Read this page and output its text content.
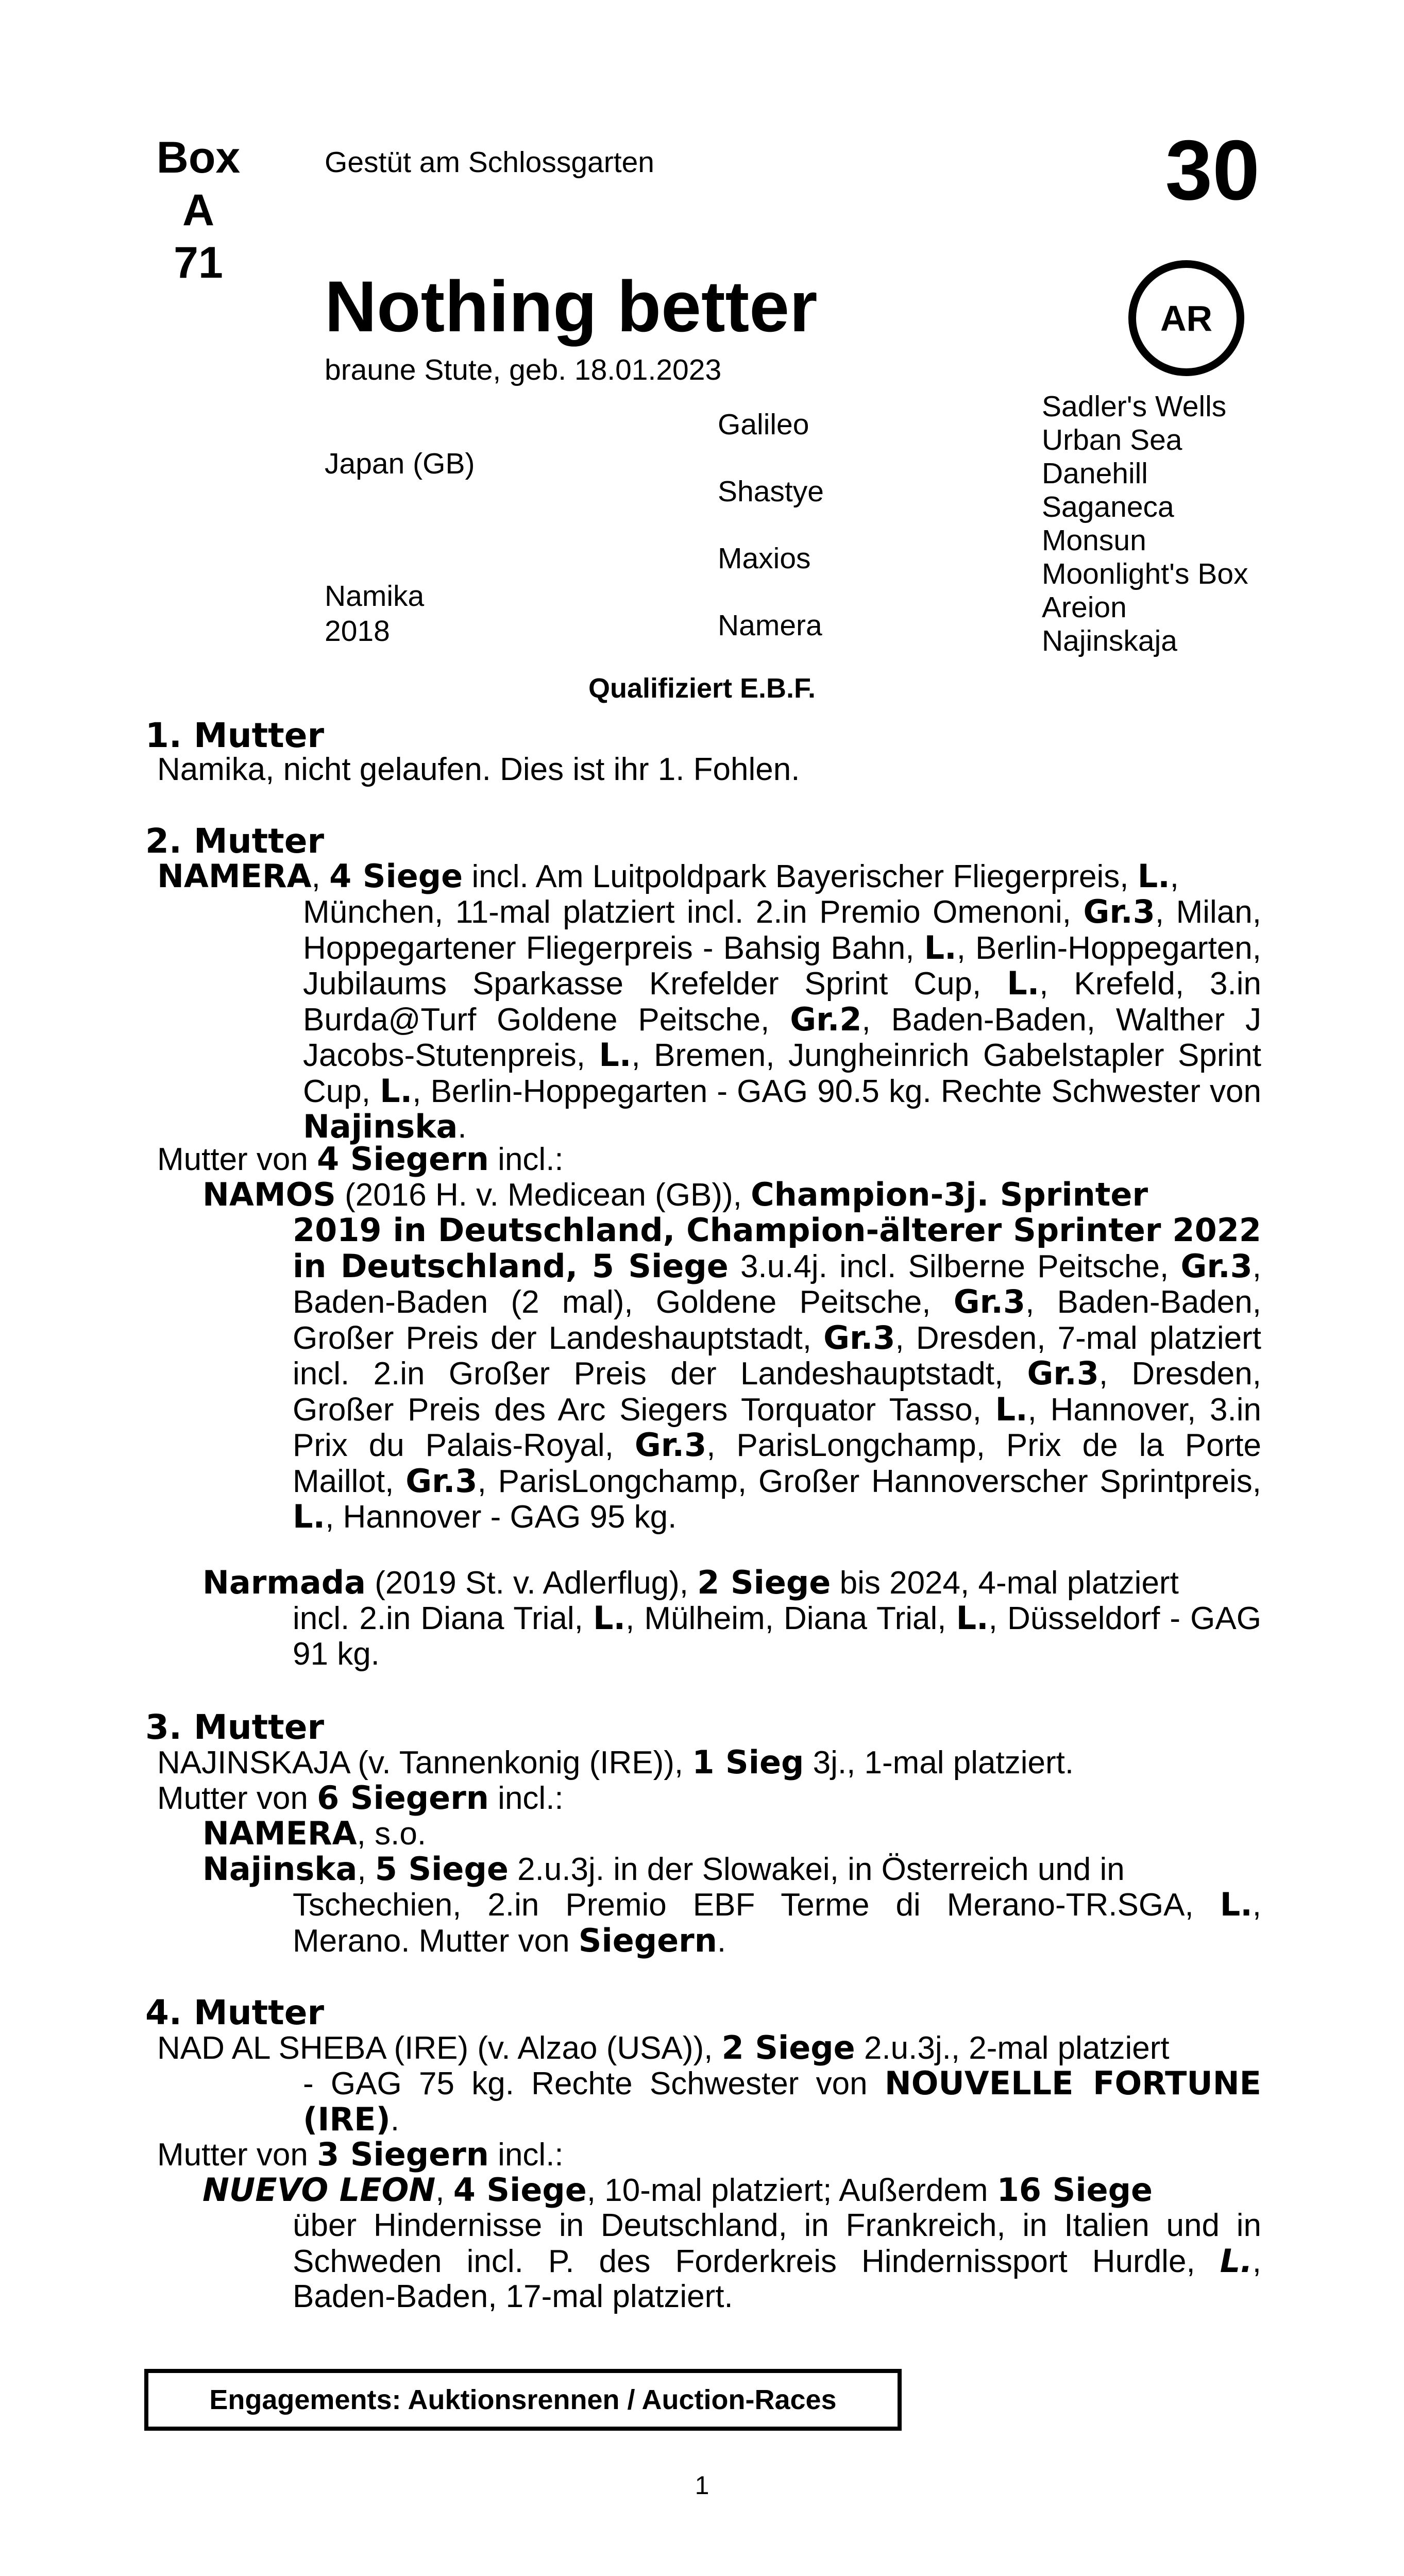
Box
A 71
Gestüt am Schlossgarten	30
AR
Nothing better
braune Stute, geb. 18.01.2023
Japan (GB)
Namika
2018
Galileo
Shastye
Maxios
Namera
Sadler's Wells
Urban Sea
Danehill
Saganeca
Monsun
Moonlight's Box
Areion
Najinskaja
Qualifiziert E.B.F.
1. Mutter
Namika, nicht gelaufen. Dies ist ihr 1. Fohlen.
2. Mutter
NAMERA, 4 Siege incl. Am Luitpoldpark Bayerischer Fliegerpreis, L.,
München, 11-mal platziert incl. 2.in Premio Omenoni, Gr.3, Milan, Hoppegartener Fliegerpreis - Bahsig Bahn, L., Berlin-Hoppegarten, Jubilaums Sparkasse Krefelder Sprint Cup, L., Krefeld, 3.in Burda@Turf Goldene Peitsche, Gr.2, Baden-Baden, Walther J Jacobs-Stutenpreis, L., Bremen, Jungheinrich Gabelstapler Sprint Cup, L., Berlin-Hoppegarten - GAG 90.5 kg. Rechte Schwester von Najinska.
Mutter von 4 Siegern incl.:
NAMOS (2016 H. v. Medicean (GB)), Champion-3j. Sprinter
2019 in Deutschland, Champion-älterer Sprinter 2022 in Deutschland, 5 Siege 3.u.4j. incl. Silberne Peitsche, Gr.3, Baden-Baden (2 mal), Goldene Peitsche, Gr.3, Baden-Baden, Großer Preis der Landeshauptstadt, Gr.3, Dresden, 7-mal platziert incl. 2.in Großer Preis der Landeshauptstadt, Gr.3, Dresden, Großer Preis des Arc Siegers Torquator Tasso, L., Hannover, 3.in Prix du Palais-Royal, Gr.3, ParisLongchamp, Prix de la Porte Maillot, Gr.3, ParisLongchamp, Großer Hannoverscher Sprintpreis, L., Hannover - GAG 95 kg.
Narmada (2019 St. v. Adlerflug), 2 Siege bis 2024, 4-mal platziert
incl. 2.in Diana Trial, L., Mülheim, Diana Trial, L., Düsseldorf - GAG 91 kg.
3. Mutter
NAJINSKAJA (v. Tannenkonig (IRE)), 1 Sieg 3j., 1-mal platziert.
Mutter von 6 Siegern incl.:
NAMERA, s.o.
Najinska, 5 Siege 2.u.3j. in der Slowakei, in Österreich und in
Tschechien, 2.in Premio EBF Terme di Merano-TR.SGA, L., Merano. Mutter von Siegern.
4. Mutter
NAD AL SHEBA (IRE) (v. Alzao (USA)), 2 Siege 2.u.3j., 2-mal platziert
- GAG 75 kg. Rechte Schwester von NOUVELLE FORTUNE (IRE).
Mutter von 3 Siegern incl.:
NUEVO LEON, 4 Siege, 10-mal platziert; Außerdem 16 Siege
über Hindernisse in Deutschland, in Frankreich, in Italien und in Schweden incl. P. des Forderkreis Hindernissport Hurdle, L., Baden-Baden, 17-mal platziert.
Engagements: Auktionsrennen / Auction-Races
1
